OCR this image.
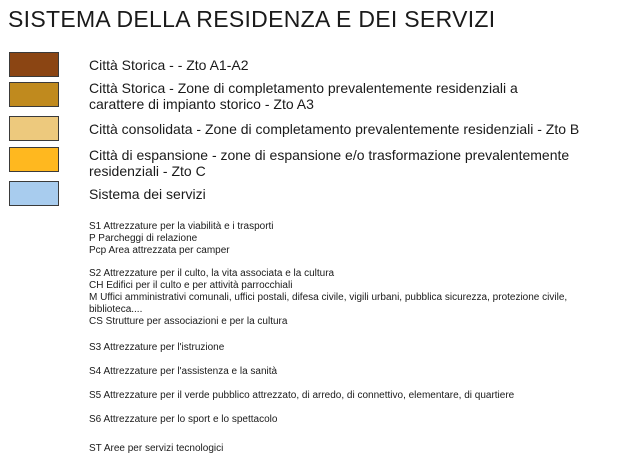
SISTEMA DELLA RESIDENZA E DEI SERVIZI
Città Storica - - Zto A1-A2
Città Storica - Zone di completamento prevalentemente residenziali a
carattere di impianto storico - Zto A3
Città consolidata - Zone di completamento prevalentemente residenziali - Zto B
Città di espansione - zone di espansione e/o trasformazione prevalentemente
residenziali - Zto C
Sistema dei servizi
S1 Attrezzature per la viabilità e i trasporti
P Parcheggi di relazione
Pcp Area attrezzata per camper
S2 Attrezzature per il culto, la vita associata e la cultura
CH Edifici per il culto e per attività parrocchiali
M Uffici amministrativi comunali, uffici postali, difesa civile, vigili urbani, pubblica sicurezza, protezione civile,
biblioteca....
CS Strutture per associazioni e per la cultura
S3 Attrezzature per l'istruzione
S4 Attrezzature per l'assistenza e la sanità
S5 Attrezzature per il verde pubblico attrezzato, di arredo, di connettivo, elementare, di quartiere
S6 Attrezzature per lo sport e lo spettacolo
ST Aree per servizi tecnologici
